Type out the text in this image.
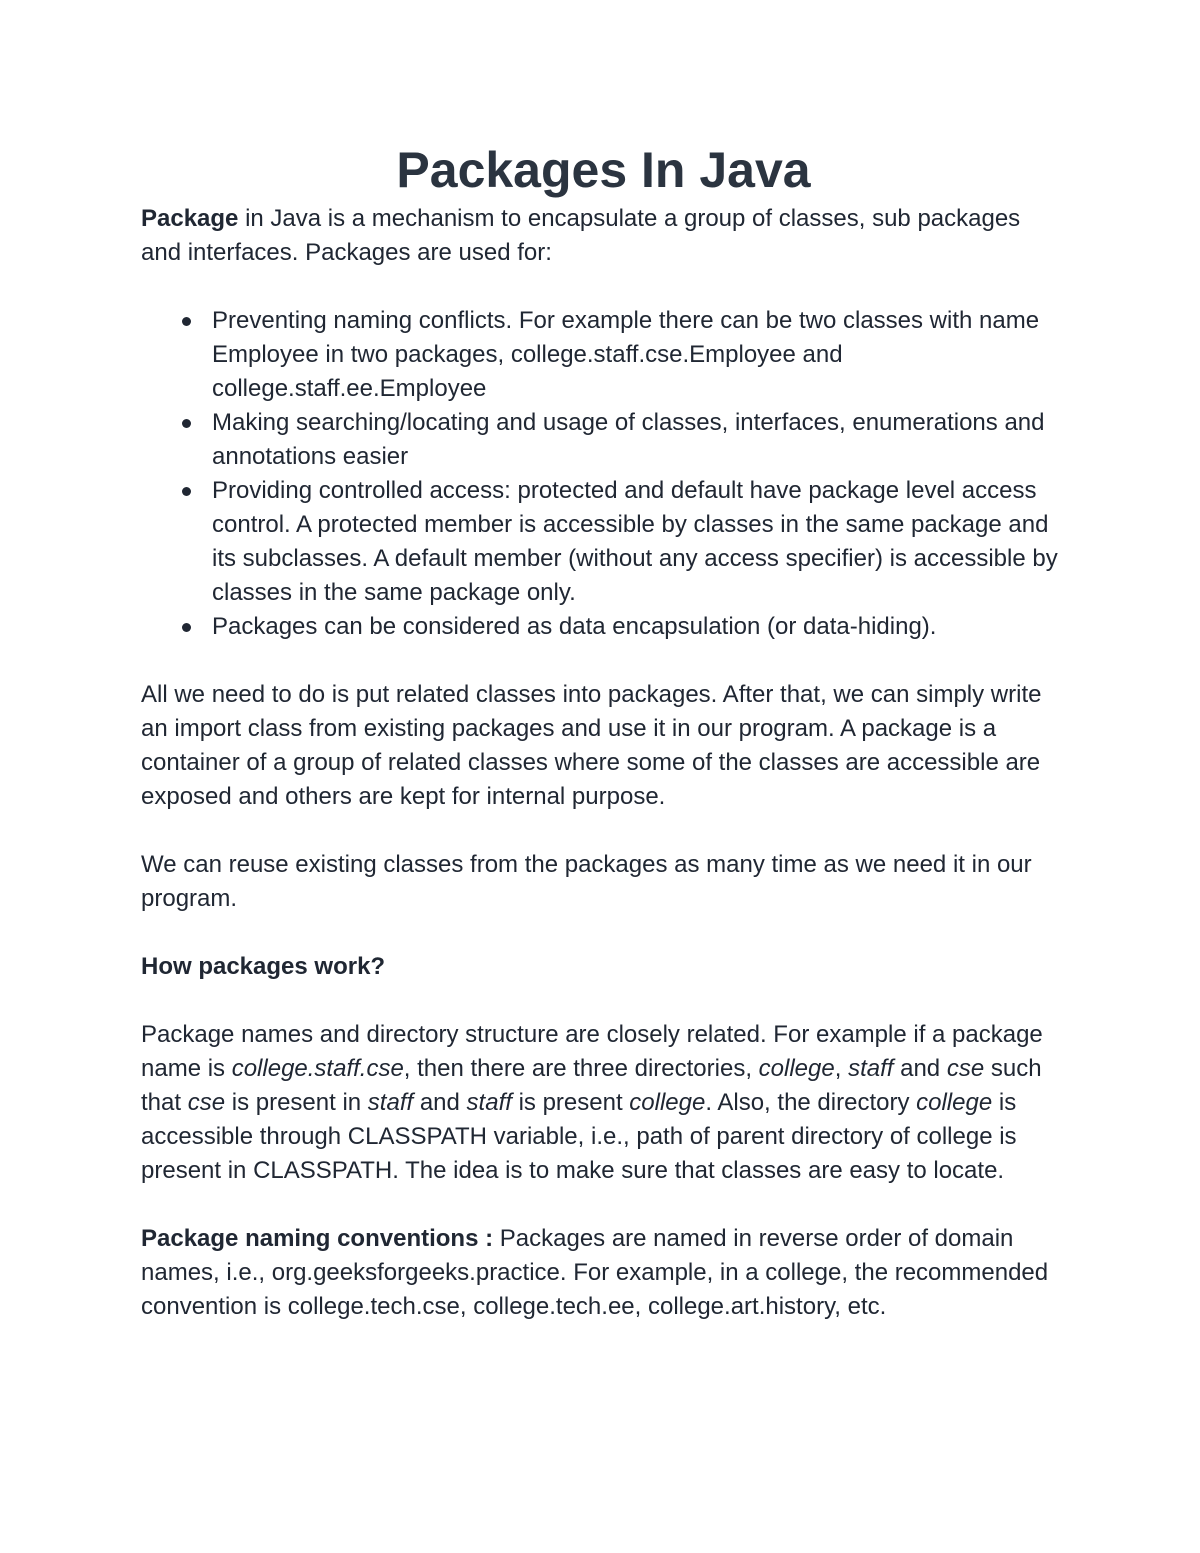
Packages In Java

Package in Java is a mechanism to encapsulate a group of classes, sub packages and interfaces. Packages are used for:

Preventing naming conflicts. For example there can be two classes with name Employee in two packages, college.staff.cse.Employee and college.staff.ee.Employee
Making searching/locating and usage of classes, interfaces, enumerations and annotations easier
Providing controlled access: protected and default have package level access control. A protected member is accessible by classes in the same package and its subclasses. A default member (without any access specifier) is accessible by classes in the same package only.
Packages can be considered as data encapsulation (or data-hiding).

All we need to do is put related classes into packages. After that, we can simply write an import class from existing packages and use it in our program. A package is a container of a group of related classes where some of the classes are accessible are exposed and others are kept for internal purpose.

We can reuse existing classes from the packages as many time as we need it in our program.

How packages work?

Package names and directory structure are closely related. For example if a package name is college.staff.cse, then there are three directories, college, staff and cse such that cse is present in staff and staff is present college. Also, the directory college is accessible through CLASSPATH variable, i.e., path of parent directory of college is present in CLASSPATH. The idea is to make sure that classes are easy to locate.

Package naming conventions : Packages are named in reverse order of domain names, i.e., org.geeksforgeeks.practice. For example, in a college, the recommended convention is college.tech.cse, college.tech.ee, college.art.history, etc.
